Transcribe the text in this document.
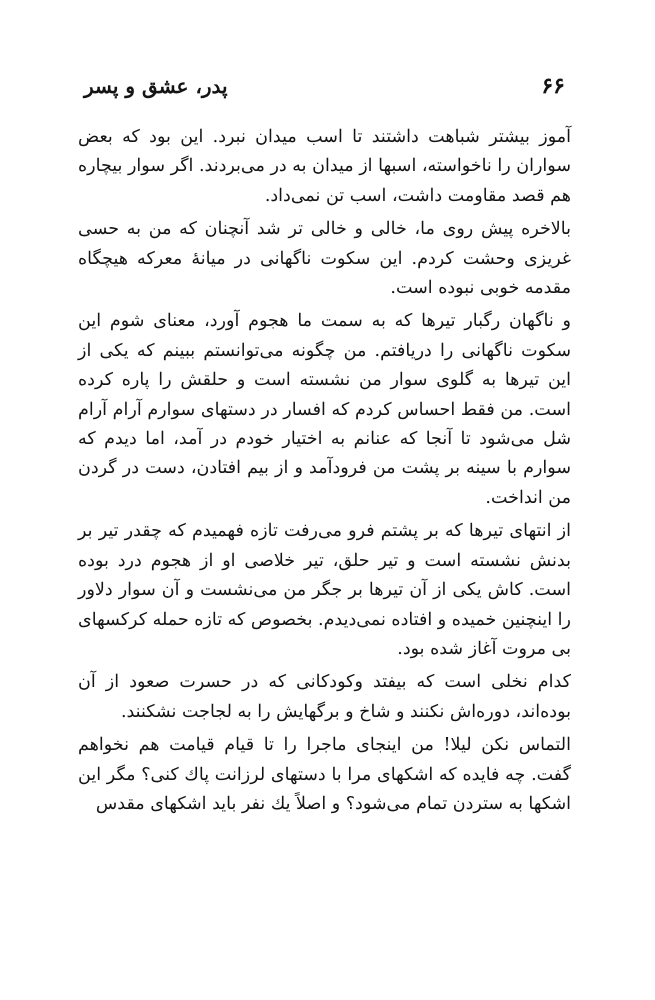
۶۶
پدر، عشق و پسر

آموز بیشتر شباهت داشتند تا اسب میدان نبرد. این بود که بعض سواران را ناخواسته، اسبها از میدان به در می‌بردند. اگر سوار بیچاره هم قصد مقاومت داشت، اسب تن نمی‌داد.

بالاخره پیش روی ما، خالی و خالی تر شد آنچنان که من به حسی غریزی وحشت کردم. این سکوت ناگهانی در میانهٔ معرکه هیچگاه مقدمه خوبی نبوده است.

و ناگهان رگبار تیرها که به سمت ما هجوم آورد، معنای شوم این سکوت ناگهانی را دریافتم. من چگونه می‌توانستم ببینم که یکی از این تیرها به گلوی سوار من نشسته است و حلقش را پاره کرده است. من فقط احساس کردم که افسار در دستهای سوارم آرام آرام شل می‌شود تا آنجا که عنانم به اختیار خودم در آمد، اما دیدم که سوارم با سینه بر پشت من فرودآمد و از بیم افتادن، دست در گردن من انداخت.

از انتهای تیرها که بر پشتم فرو می‌رفت تازه فهمیدم که چقدر تیر بر بدنش نشسته است و تیر حلق، تیر خلاصی او از هجوم درد بوده است. کاش یکی از آن تیرها بر جگر من می‌نشست و آن سوار دلاور را اینچنین خمیده و افتاده نمی‌دیدم. بخصوص که تازه حمله کرکسهای بی مروت آغاز شده بود.

کدام نخلی است که بیفتد وکودکانی که در حسرت صعود از آن بوده‌اند، دوره‌اش نکنند و شاخ و برگهایش را به لجاجت نشکنند.

التماس نکن لیلا! من اینجای ماجرا را تا قیام قیامت هم نخواهم گفت. چه فایده که اشکهای مرا با دستهای لرزانت پاك کنی؟ مگر این اشکها به ستردن تمام می‌شود؟ و اصلاً یك نفر باید اشکهای مقدس
